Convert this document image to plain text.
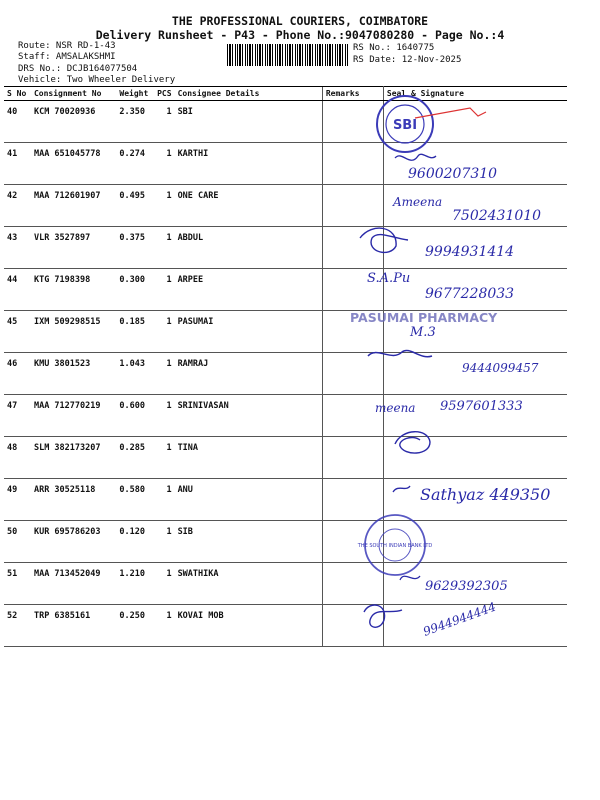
THE PROFESSIONAL COURIERS, COIMBATORE
Delivery Runsheet - P43 - Phone No.:9047080280 - Page No.:4
Route: NSR RD-1-43
Staff: AMSALAKSHMI
DRS No.: DCJB164077504
Vehicle: Two Wheeler Delivery
RS No.: 1640775
RS Date: 12-Nov-2025
S No	Consignment No	Weight	PCS	Consignee Details	Remarks	Seal & Signature
40	KCM 70020936	2.350	1	SBI		
41	MAA 651045778	0.274	1	KARTHI		
42	MAA 712601907	0.495	1	ONE CARE		
43	VLR 3527897	0.375	1	ABDUL		
44	KTG 7198398	0.300	1	ARPEE		
45	IXM 509298515	0.185	1	PASUMAI		
46	KMU 3801523	1.043	1	RAMRAJ		
47	MAA 712770219	0.600	1	SRINIVASAN		
48	SLM 382173207	0.285	1	TINA		
49	ARR 30525118	0.580	1	ANU		
50	KUR 695786203	0.120	1	SIB		
51	MAA 713452049	1.210	1	SWATHIKA		
52	TRP 6385161	0.250	1	KOVAI MOB		
SBI
9600207310
Ameena
7502431010
9994931414
S.A.Pu
9677228033
PASUMAI PHARMACY
M.3
9444099457
meena 9597601333
Sathyaz 449350
THE SOUTH INDIAN BANK LTD
9629392305
9944944444
